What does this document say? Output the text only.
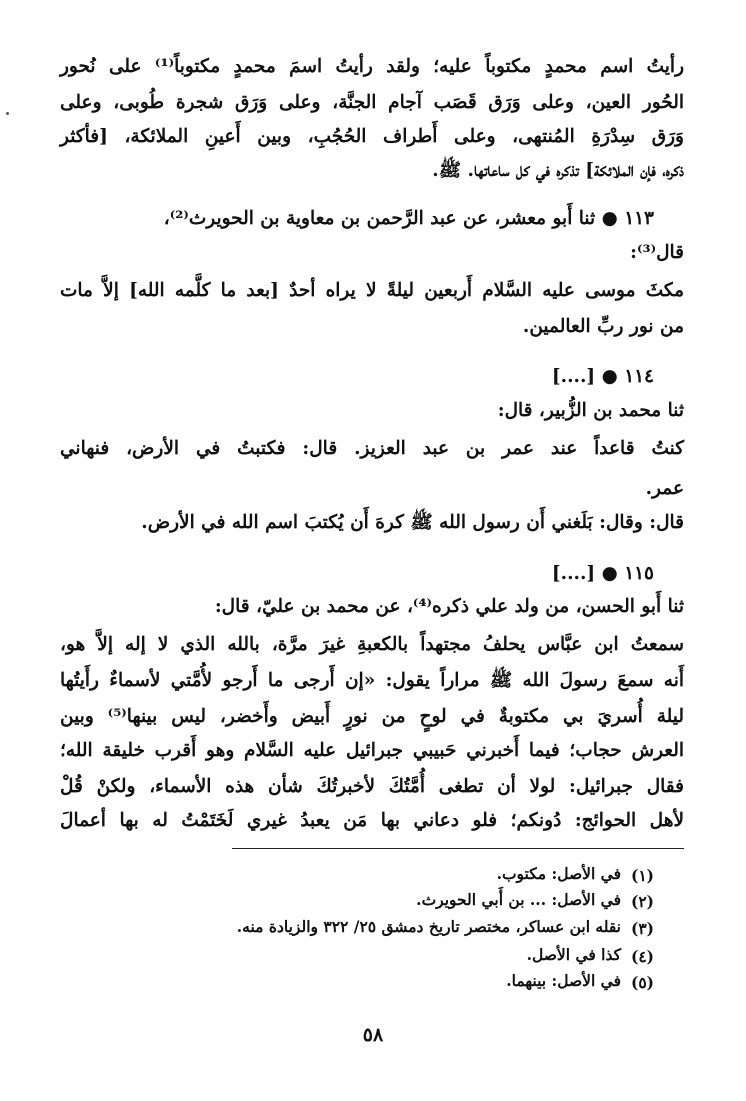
رأيتُ اسم محمدٍ مكتوباً عليه؛ ولقد رأيتُ اسمَ محمدٍ مكتوباً⁽¹⁾ على نُحور
الحُور العين، وعلى وَرَق قَصَب آجام الجنَّة، وعلى وَرَق شجرة طُوبى، وعلى
وَرَق سِدْرَةِ المُنتهى، وعلى أَطراف الحُجُبِ، وبين أَعينِ الملائكة، [فأكثر
ذكره، فإن الملائكة] تذكره في كل ساعاتها. ﷺ.
١١٣ ● ثنا أَبو معشر، عن عبد الرَّحمن بن معاوية بن الحويرث⁽²⁾،
قال⁽³⁾:
مكثَ موسى عليه السَّلام أَربعين ليلةً لا يراه أحدٌ [بعد ما كلَّمه الله] إلاَّ مات
من نور ربِّ العالمين.
١١٤ ● [....]
ثنا محمد بن الزُّبير، قال:
كنتُ قاعداً عند عمر بن عبد العزيز. قال: فكتبتُ في الأرض، فنهاني
عمر.
قال: وقال: بَلَغني أَن رسول الله ﷺ كرهَ أَن يُكتبَ اسم الله في الأرض.
١١٥ ● [....]
ثنا أَبو الحسن، من ولد علي ذكره⁽⁴⁾، عن محمد بن عليّ، قال:
سمعتُ ابن عبَّاس يحلفُ مجتهداً بالكعبةِ غيرَ مرَّة، بالله الذي لا إله إلاَّ هو،
أَنه سمعَ رسولَ الله ﷺ مراراً يقول: «إن أَرجى ما أَرجو لأُمَّتي لأسماءٌ رأَيتُها
ليلة أُسريَ بي مكتوبةٌ في لوحٍ من نورٍ أَبيض وأَخضر، ليس بينها⁽⁵⁾ وبين
العرش حجاب؛ فيما أَخبرني حَبيبي جبرائيل عليه السَّلام وهو أَقرب خليقة الله؛
فقال جبرائيل: لولا أن تطغى أُمَّتُكَ لأخبرتُكَ شأن هذه الأسماء، ولكنْ قُلْ
لأهل الحوائج: دُونكم؛ فلو دعاني بها مَن يعبدُ غيري لَخَتَمْتُ له بها أعمالَ
(١)
في الأصل: مكتوب.
(٢)
في الأصل: ... بن أَبي الحويرث.
(٣)
نقله ابن عساكر، مختصر تاريخ دمشق ٢٥/ ٣٢٢ والزيادة منه.
(٤)
كذا في الأصل.
(٥)
في الأصل: بينهما.
٥٨
